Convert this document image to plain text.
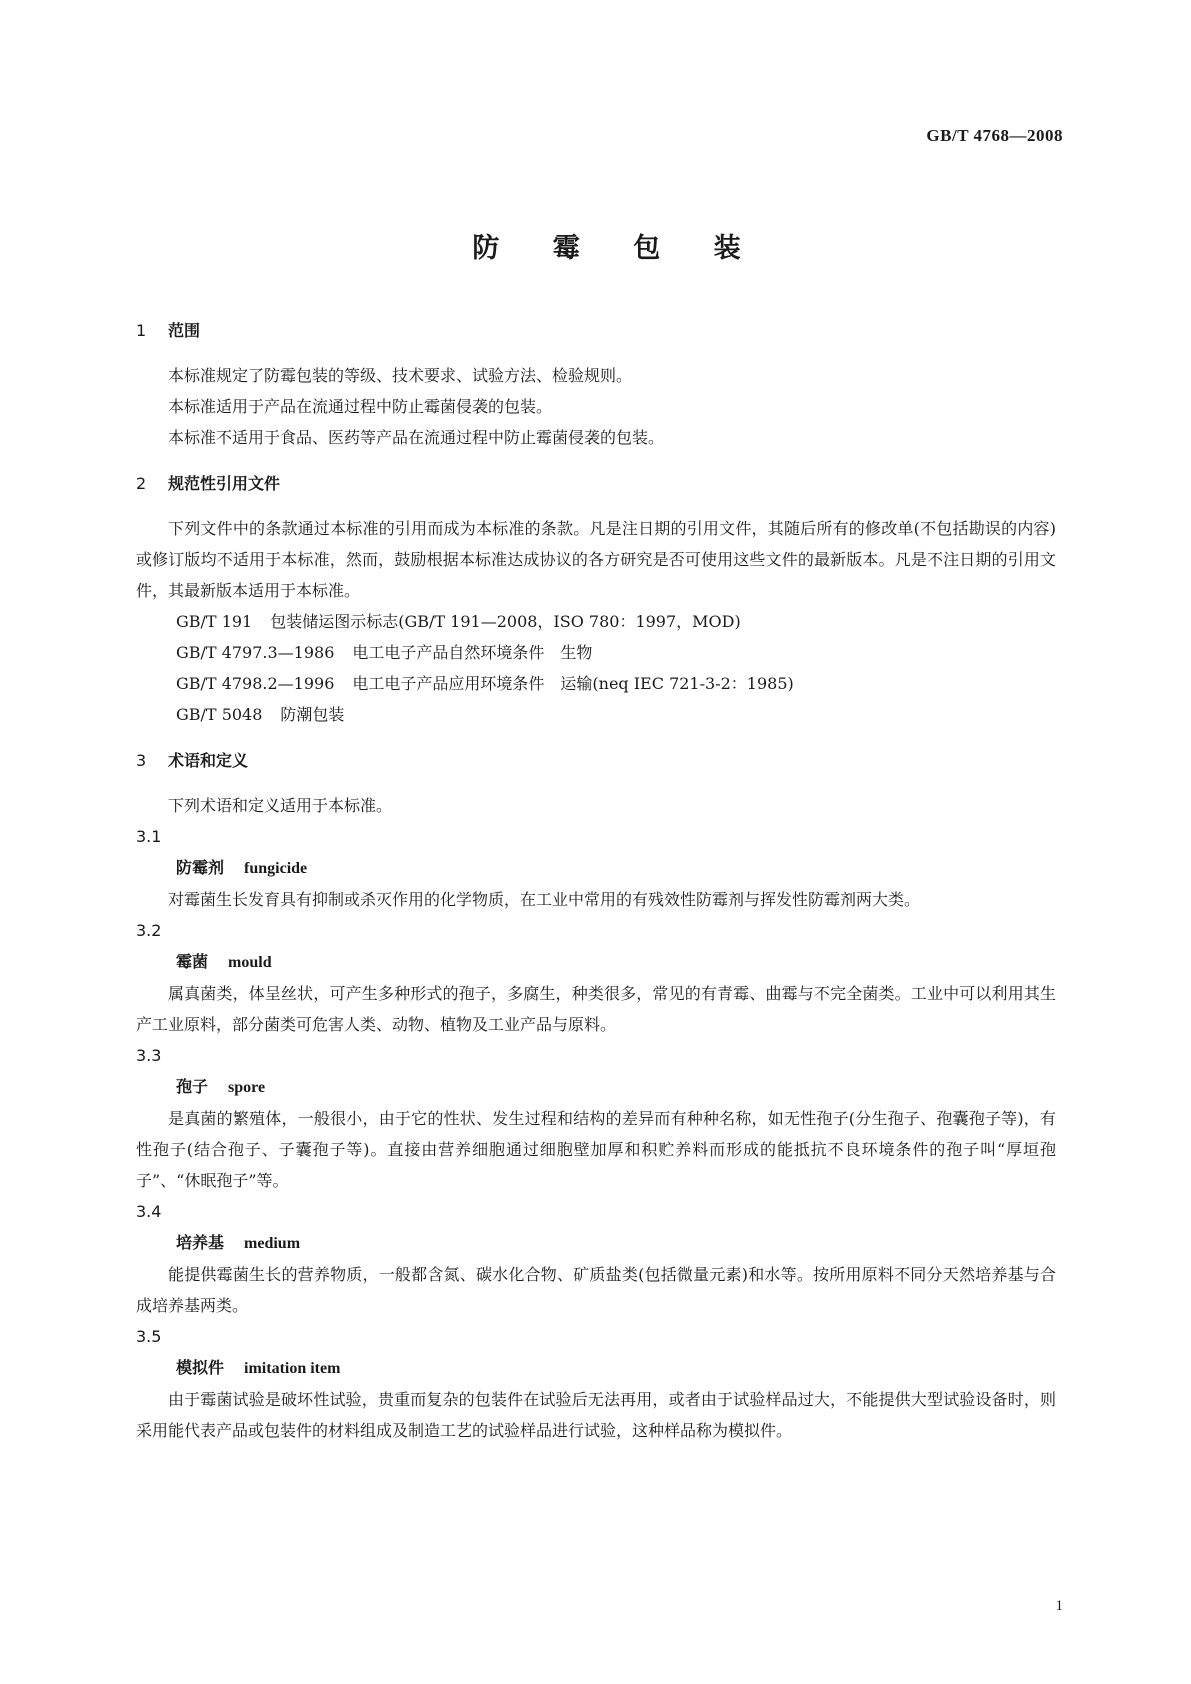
GB/T 4768—2008
防 霉 包 装
1 范围

本标准规定了防霉包装的等级、技术要求、试验方法、检验规则。

本标准适用于产品在流通过程中防止霉菌侵袭的包装。

本标准不适用于食品、医药等产品在流通过程中防止霉菌侵袭的包装。

2 规范性引用文件

下列文件中的条款通过本标准的引用而成为本标准的条款。凡是注日期的引用文件，其随后所有的修改单(不包括勘误的内容)或修订版均不适用于本标准，然而，鼓励根据本标准达成协议的各方研究是否可使用这些文件的最新版本。凡是不注日期的引用文件，其最新版本适用于本标准。

GB/T 191 包装储运图示标志(GB/T 191—2008，ISO 780：1997，MOD)
GB/T 4797.3—1986 电工电子产品自然环境条件　生物
GB/T 4798.2—1996 电工电子产品应用环境条件　运输(neq IEC 721-3-2：1985)
GB/T 5048 防潮包装
3 术语和定义

下列术语和定义适用于本标准。

3.1
防霉剂 fungicide

对霉菌生长发育具有抑制或杀灭作用的化学物质，在工业中常用的有残效性防霉剂与挥发性防霉剂两大类。

3.2
霉菌 mould

属真菌类，体呈丝状，可产生多种形式的孢子，多腐生，种类很多，常见的有青霉、曲霉与不完全菌类。工业中可以利用其生产工业原料，部分菌类可危害人类、动物、植物及工业产品与原料。

3.3
孢子 spore

是真菌的繁殖体，一般很小，由于它的性状、发生过程和结构的差异而有种种名称，如无性孢子(分生孢子、孢囊孢子等)，有性孢子(结合孢子、子囊孢子等)。直接由营养细胞通过细胞壁加厚和积贮养料而形成的能抵抗不良环境条件的孢子叫“厚垣孢子”、“休眠孢子”等。

3.4
培养基 medium

能提供霉菌生长的营养物质，一般都含氮、碳水化合物、矿质盐类(包括微量元素)和水等。按所用原料不同分天然培养基与合成培养基两类。

3.5
模拟件 imitation item

由于霉菌试验是破坏性试验，贵重而复杂的包装件在试验后无法再用，或者由于试验样品过大，不能提供大型试验设备时，则采用能代表产品或包装件的材料组成及制造工艺的试验样品进行试验，这种样品称为模拟件。

1
